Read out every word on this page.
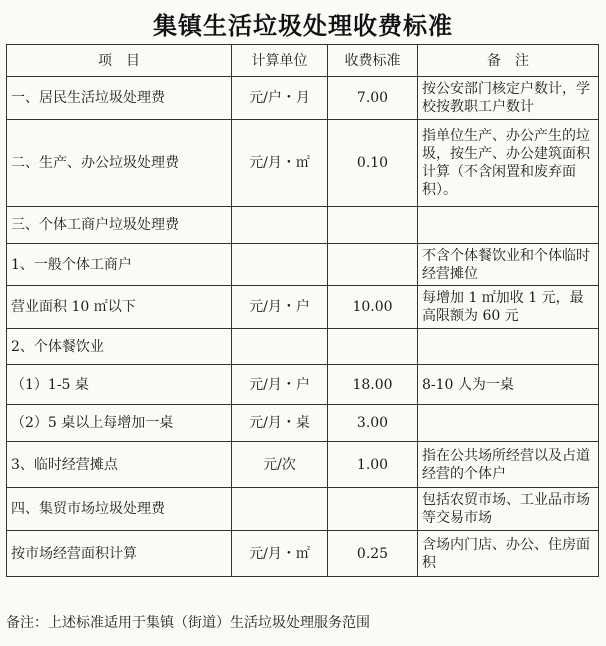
集镇生活垃圾处理收费标准
项　目	计算单位	收费标准	备　注
一、居民生活垃圾处理费	元/户・月	7.00	按公安部门核定户数计，学校按教职工户数计
二、生产、办公垃圾处理费	元/月・㎡	0.10	指单位生产、办公产生的垃圾，按生产、办公建筑面积计算（不含闲置和废弃面积）。
三、个体工商户垃圾处理费			
1、一般个体工商户			不含个体餐饮业和个体临时经营摊位
营业面积 10 ㎡以下	元/月・户	10.00	每增加 1 ㎡加收 1 元，最高限额为 60 元
2、个体餐饮业			
（1）1-5 桌	元/月・户	18.00	8-10 人为一桌
（2）5 桌以上每增加一桌	元/月・桌	3.00	
3、临时经营摊点	元/次	1.00	指在公共场所经营以及占道经营的个体户
四、集贸市场垃圾处理费			包括农贸市场、工业品市场等交易市场
按市场经营面积计算	元/月・㎡	0.25	含场内门店、办公、住房面积
备注：上述标准适用于集镇（街道）生活垃圾处理服务范围
